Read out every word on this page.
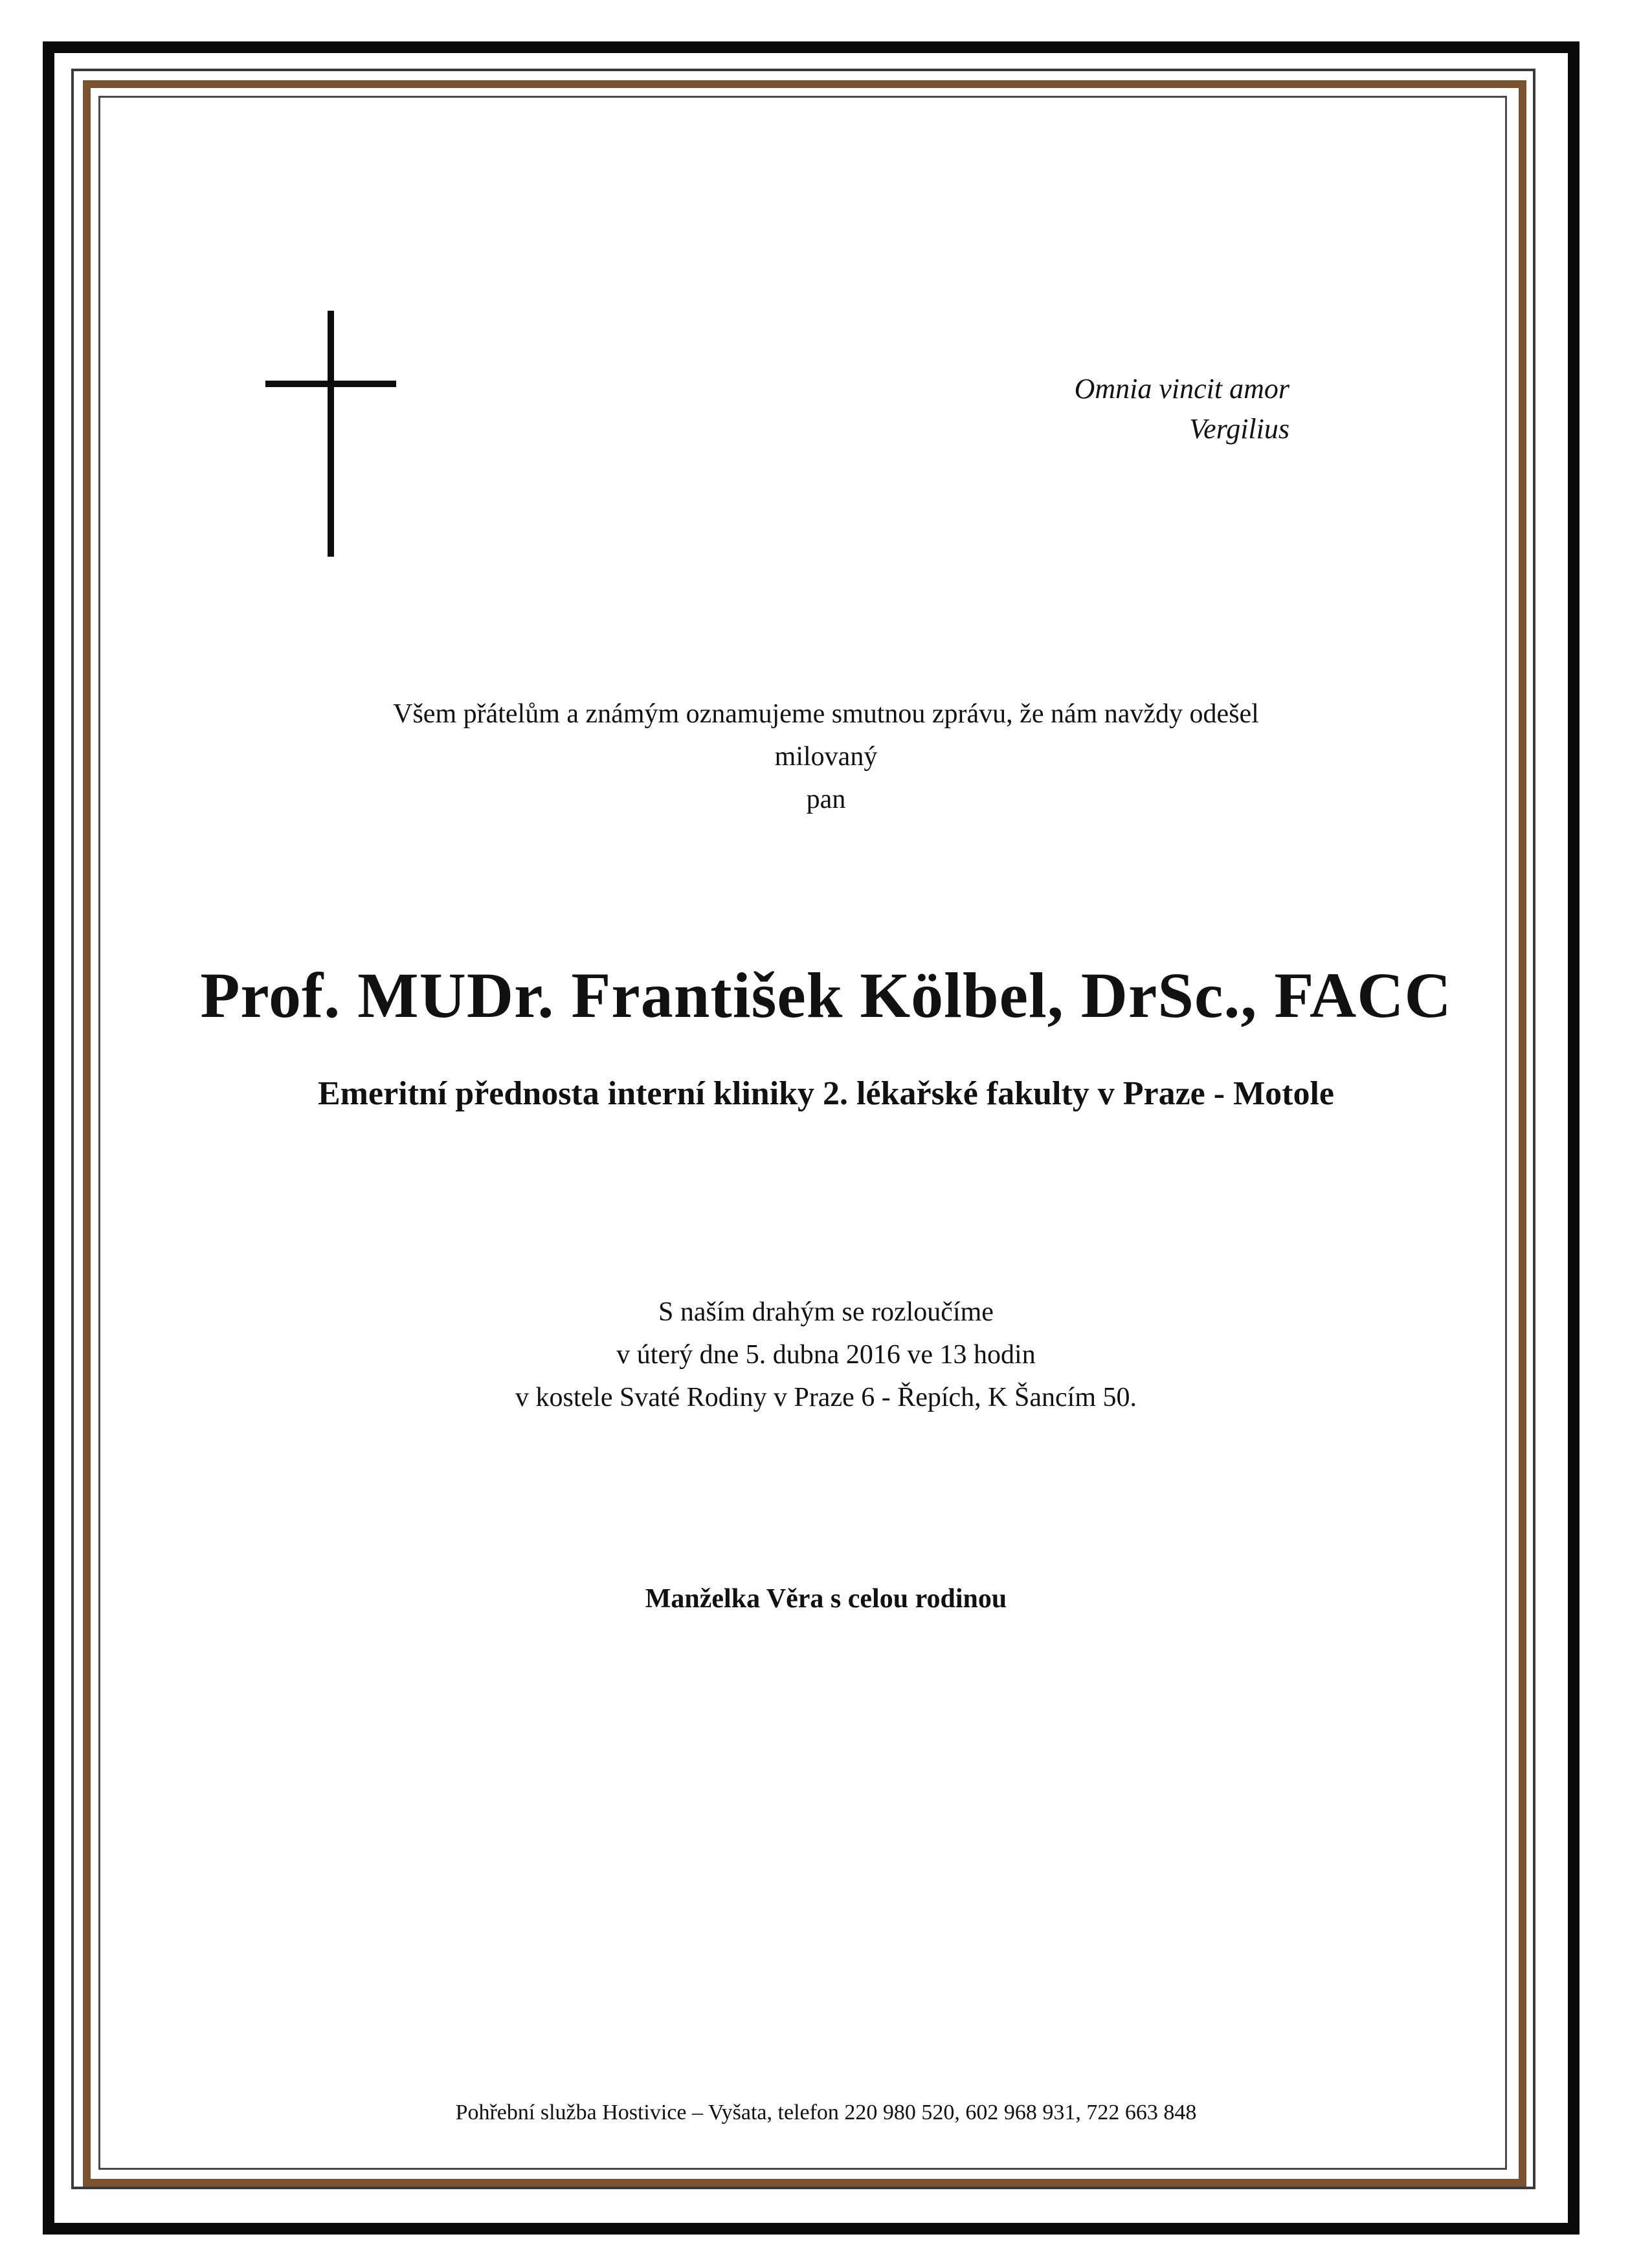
Omnia vincit amor
Vergilius
Všem přátelům a známým oznamujeme smutnou zprávu, že nám navždy odešel
milovaný
pan
Prof. MUDr. František Kölbel, DrSc., FACC
Emeritní přednosta interní kliniky 2. lékařské fakulty v Praze - Motole
S naším drahým se rozloučíme
v úterý dne 5. dubna 2016 ve 13 hodin
v kostele Svaté Rodiny v Praze 6 - Řepích, K Šancím 50.
Manželka Věra s celou rodinou
Pohřební služba Hostivice – Vyšata, telefon 220 980 520, 602 968 931, 722 663 848
